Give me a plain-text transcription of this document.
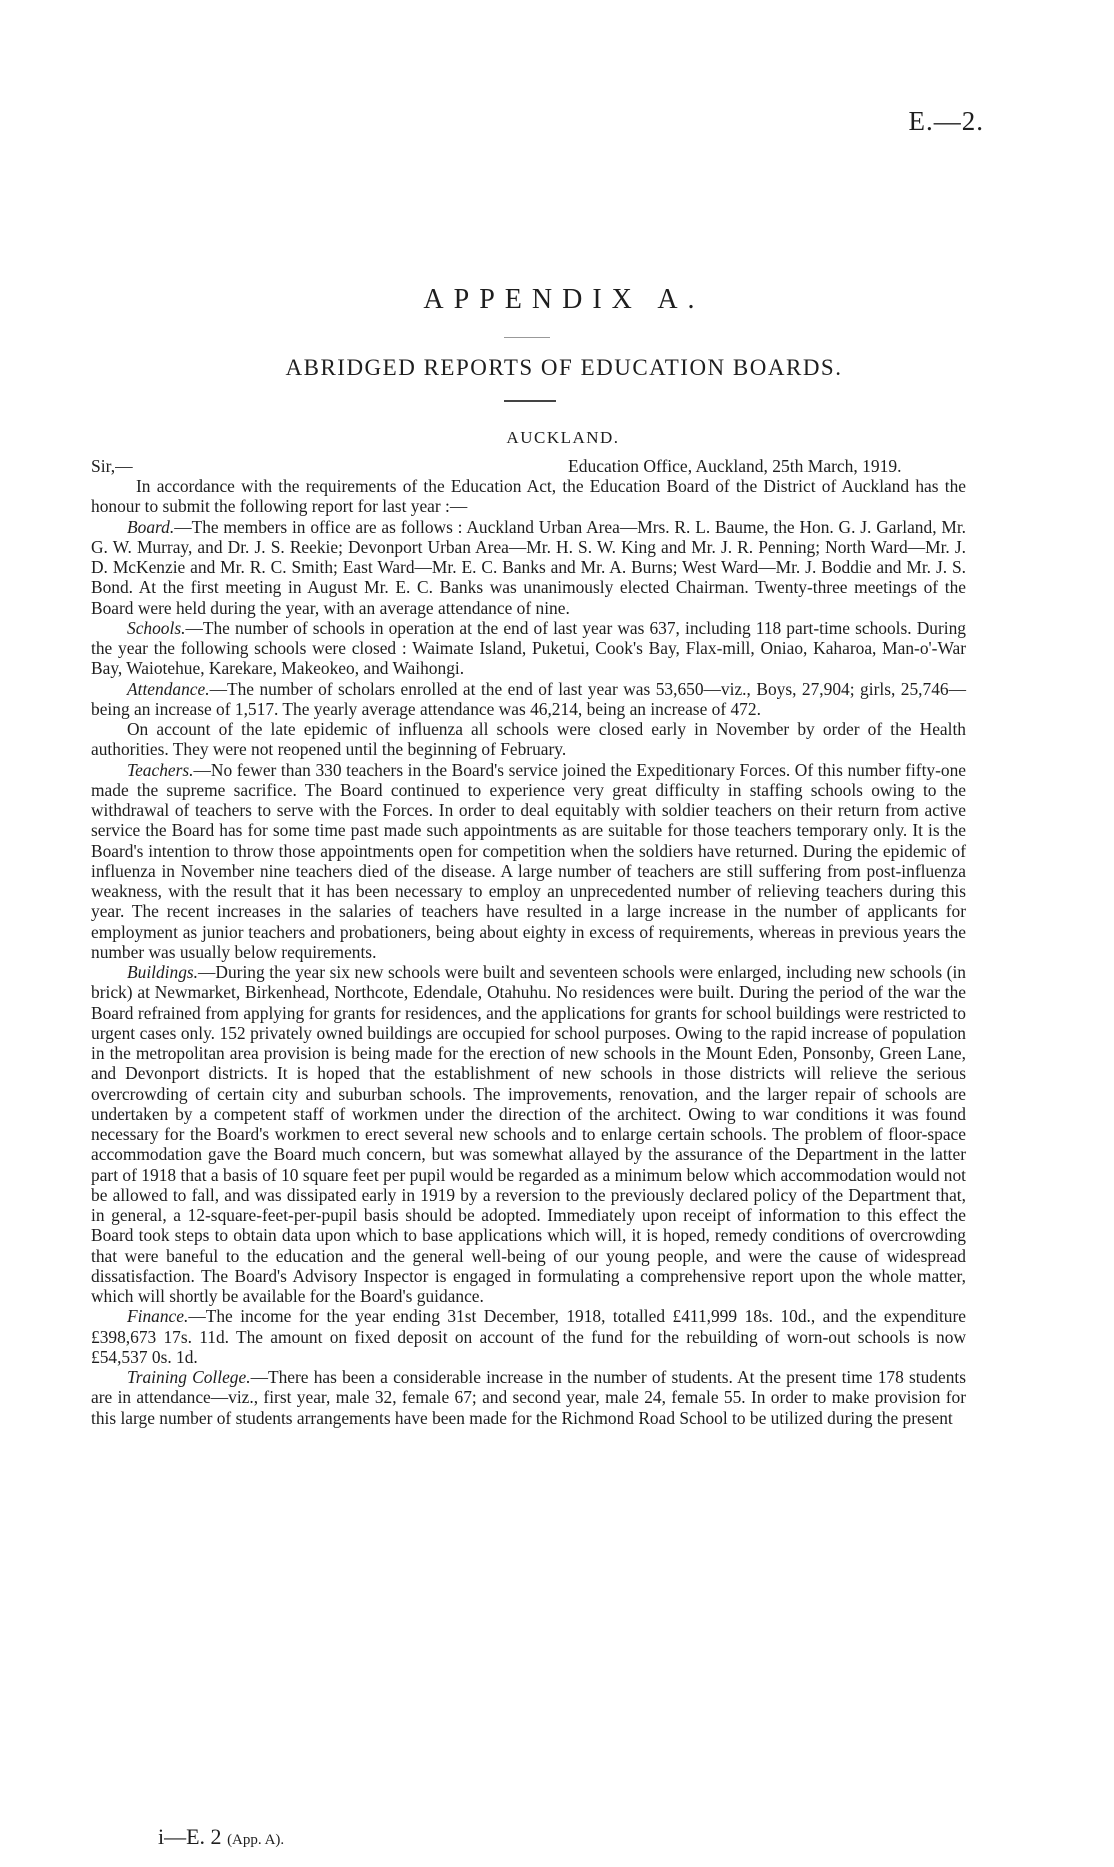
E.—2.
APPENDIX A.
ABRIDGED REPORTS OF EDUCATION BOARDS.
AUCKLAND.
Sir,—	Education Office, Auckland, 25th March, 1919.

In accordance with the requirements of the Education Act, the Education Board of the District of Auckland has the honour to submit the following report for last year :—

Board.—The members in office are as follows : Auckland Urban Area—Mrs. R. L. Baume, the Hon. G. J. Garland, Mr. G. W. Murray, and Dr. J. S. Reekie; Devonport Urban Area—Mr. H. S. W. King and Mr. J. R. Penning; North Ward—Mr. J. D. McKenzie and Mr. R. C. Smith; East Ward—Mr. E. C. Banks and Mr. A. Burns; West Ward—Mr. J. Boddie and Mr. J. S. Bond. At the first meeting in August Mr. E. C. Banks was unanimously elected Chairman. Twenty-three meetings of the Board were held during the year, with an average attendance of nine.

Schools.—The number of schools in operation at the end of last year was 637, including 118 part-time schools. During the year the following schools were closed : Waimate Island, Puketui, Cook's Bay, Flax-mill, Oniao, Kaharoa, Man-o'-War Bay, Waiotehue, Karekare, Makeokeo, and Waihongi.

Attendance.—The number of scholars enrolled at the end of last year was 53,650—viz., Boys, 27,904; girls, 25,746—being an increase of 1,517. The yearly average attendance was 46,214, being an increase of 472.

On account of the late epidemic of influenza all schools were closed early in November by order of the Health authorities. They were not reopened until the beginning of February.

Teachers.—No fewer than 330 teachers in the Board's service joined the Expeditionary Forces. Of this number fifty-one made the supreme sacrifice. The Board continued to experience very great difficulty in staffing schools owing to the withdrawal of teachers to serve with the Forces. In order to deal equitably with soldier teachers on their return from active service the Board has for some time past made such appointments as are suitable for those teachers temporary only. It is the Board's intention to throw those appointments open for competition when the soldiers have returned. During the epidemic of influenza in November nine teachers died of the disease. A large number of teachers are still suffering from post-influenza weakness, with the result that it has been necessary to employ an unprecedented number of relieving teachers during this year. The recent increases in the salaries of teachers have resulted in a large increase in the number of applicants for employment as junior teachers and probationers, being about eighty in excess of requirements, whereas in previous years the number was usually below requirements.

Buildings.—During the year six new schools were built and seventeen schools were enlarged, including new schools (in brick) at Newmarket, Birkenhead, Northcote, Edendale, Otahuhu. No residences were built. During the period of the war the Board refrained from applying for grants for residences, and the applications for grants for school buildings were restricted to urgent cases only. 152 privately owned buildings are occupied for school purposes. Owing to the rapid increase of population in the metropolitan area provision is being made for the erection of new schools in the Mount Eden, Ponsonby, Green Lane, and Devonport districts. It is hoped that the establishment of new schools in those districts will relieve the serious overcrowding of certain city and suburban schools. The improvements, renovation, and the larger repair of schools are undertaken by a competent staff of workmen under the direction of the architect. Owing to war conditions it was found necessary for the Board's workmen to erect several new schools and to enlarge certain schools. The problem of floor-space accommodation gave the Board much concern, but was somewhat allayed by the assurance of the Department in the latter part of 1918 that a basis of 10 square feet per pupil would be regarded as a minimum below which accommodation would not be allowed to fall, and was dissipated early in 1919 by a reversion to the previously declared policy of the Department that, in general, a 12-square-feet-per-pupil basis should be adopted. Immediately upon receipt of information to this effect the Board took steps to obtain data upon which to base applications which will, it is hoped, remedy conditions of overcrowding that were baneful to the education and the general well-being of our young people, and were the cause of widespread dissatisfaction. The Board's Advisory Inspector is engaged in formulating a comprehensive report upon the whole matter, which will shortly be available for the Board's guidance.

Finance.—The income for the year ending 31st December, 1918, totalled £411,999 18s. 10d., and the expenditure £398,673 17s. 11d. The amount on fixed deposit on account of the fund for the rebuilding of worn-out schools is now £54,537 0s. 1d.

Training College.—There has been a considerable increase in the number of students. At the present time 178 students are in attendance—viz., first year, male 32, female 67; and second year, male 24, female 55. In order to make provision for this large number of students arrangements have been made for the Richmond Road School to be utilized during the present

i—E. 2 (App. A).
